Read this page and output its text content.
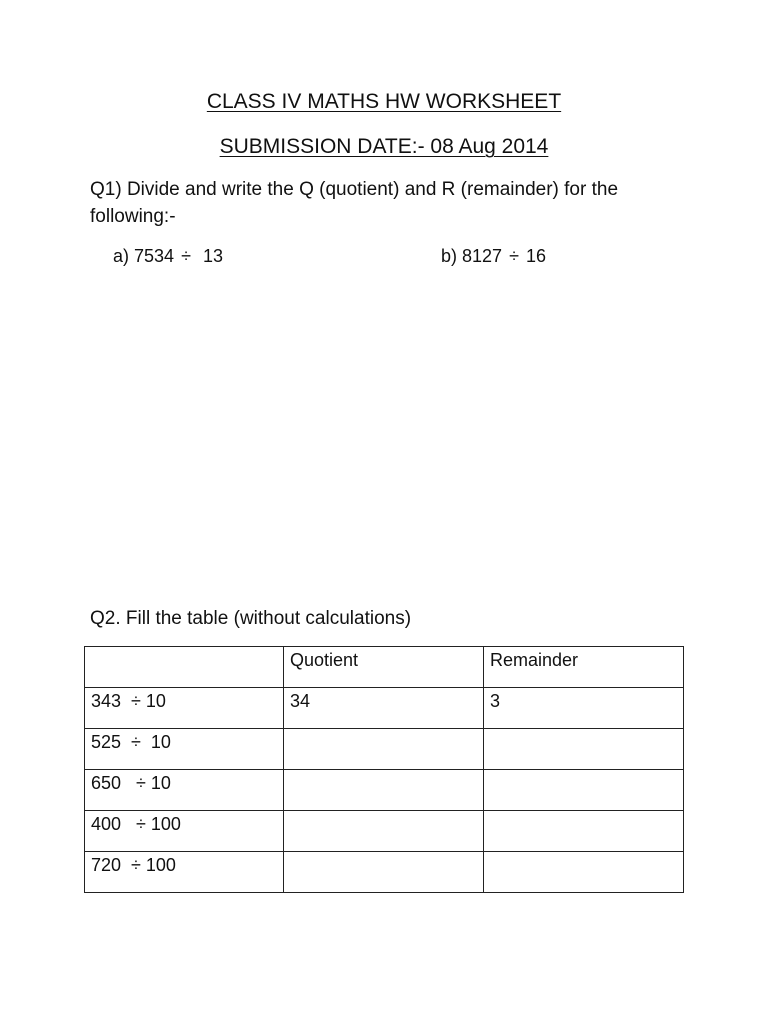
CLASS IV MATHS HW WORKSHEET
SUBMISSION DATE:- 08 Aug 2014
Q1) Divide and write the Q (quotient) and R (remainder) for the following:-
a) 7534 ÷  13	b) 8127 ÷ 16
Q2. Fill the table (without calculations)
	Quotient	Remainder
343  ÷ 10	34	3
525  ÷  10		
650   ÷ 10		
400   ÷ 100		
720  ÷ 100		
